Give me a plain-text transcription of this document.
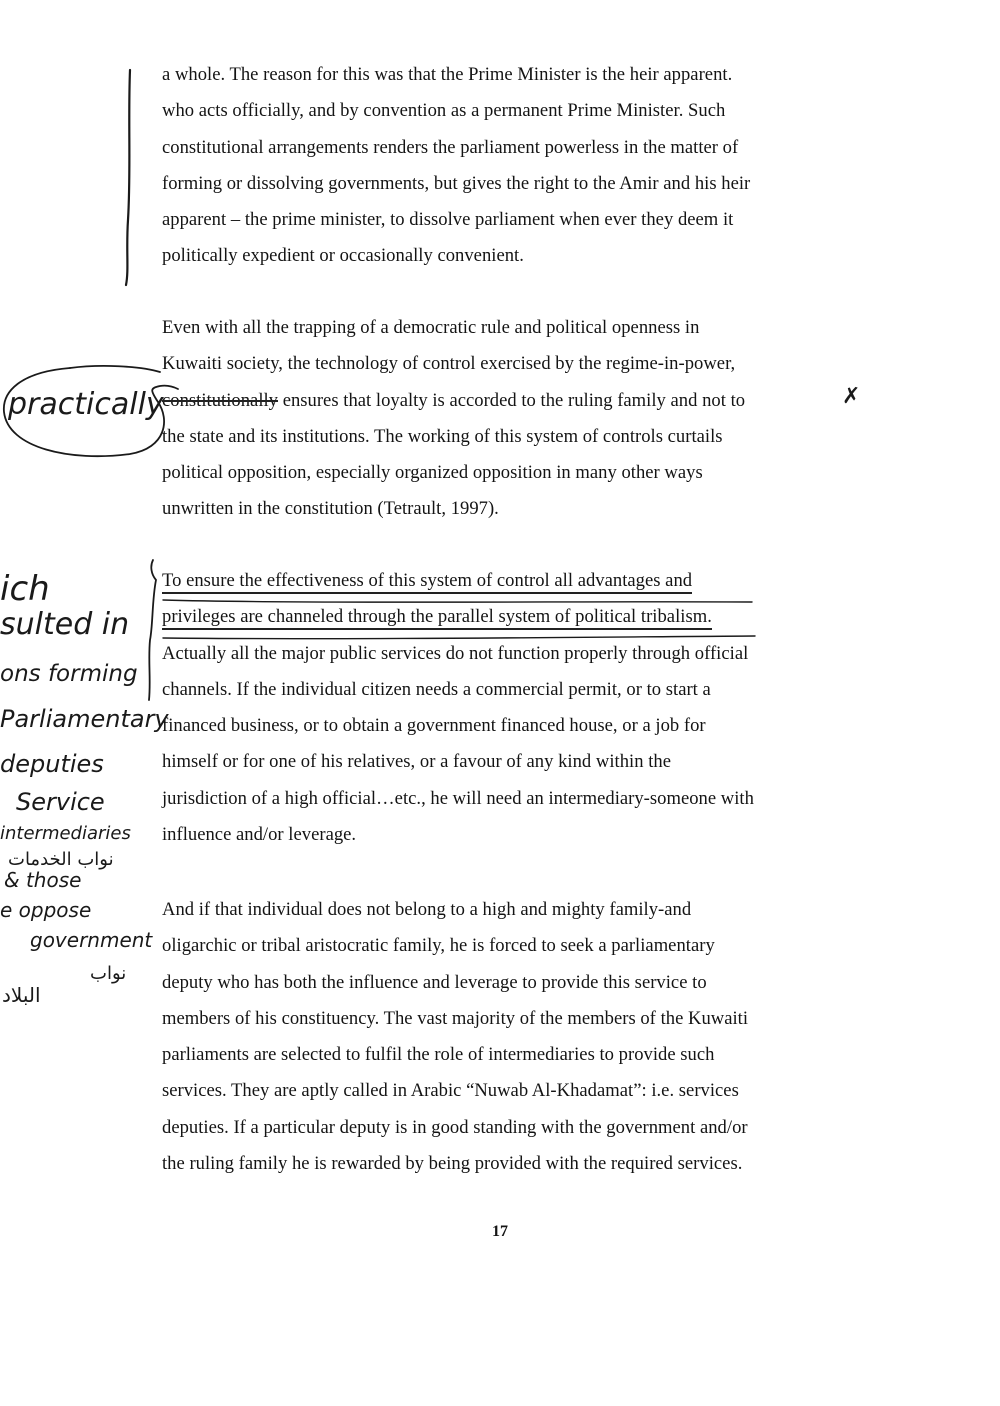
a whole. The reason for this was that the Prime Minister is the heir apparent.
who acts officially, and by convention as a permanent Prime Minister. Such
constitutional arrangements renders the parliament powerless in the matter of
forming or dissolving governments, but gives the right to the Amir and his heir
apparent – the prime minister, to dissolve parliament when ever they deem it
politically expedient or occasionally convenient.
Even with all the trapping of a democratic rule and political openness in
Kuwaiti society, the technology of control exercised by the regime-in-power,
constitutionally ensures that loyalty is accorded to the ruling family and not to
the state and its institutions. The working of this system of controls curtails
political opposition, especially organized opposition in many other ways
unwritten in the constitution (Tetrault, 1997).
To ensure the effectiveness of this system of control all advantages and
privileges are channeled through the parallel system of political tribalism.
Actually all the major public services do not function properly through official
channels. If the individual citizen needs a commercial permit, or to start a
financed business, or to obtain a government financed house, or a job for
himself or for one of his relatives, or a favour of any kind within the
jurisdiction of a high official…etc., he will need an intermediary-someone with
influence and/or leverage.
And if that individual does not belong to a high and mighty family-and
oligarchic or tribal aristocratic family, he is forced to seek a parliamentary
deputy who has both the influence and leverage to provide this service to
members of his constituency. The vast majority of the members of the Kuwaiti
parliaments are selected to fulfil the role of intermediaries to provide such
services. They are aptly called in Arabic “Nuwab Al-Khadamat”: i.e. services
deputies. If a particular deputy is in good standing with the government and/or
the ruling family he is rewarded by being provided with the required services.
17
practically	✗
ich
sulted in
ons forming
Parliamentary
deputies
Service
intermediaries
نواب الخدمات
& those
e oppose
government
نواب
البلاد
